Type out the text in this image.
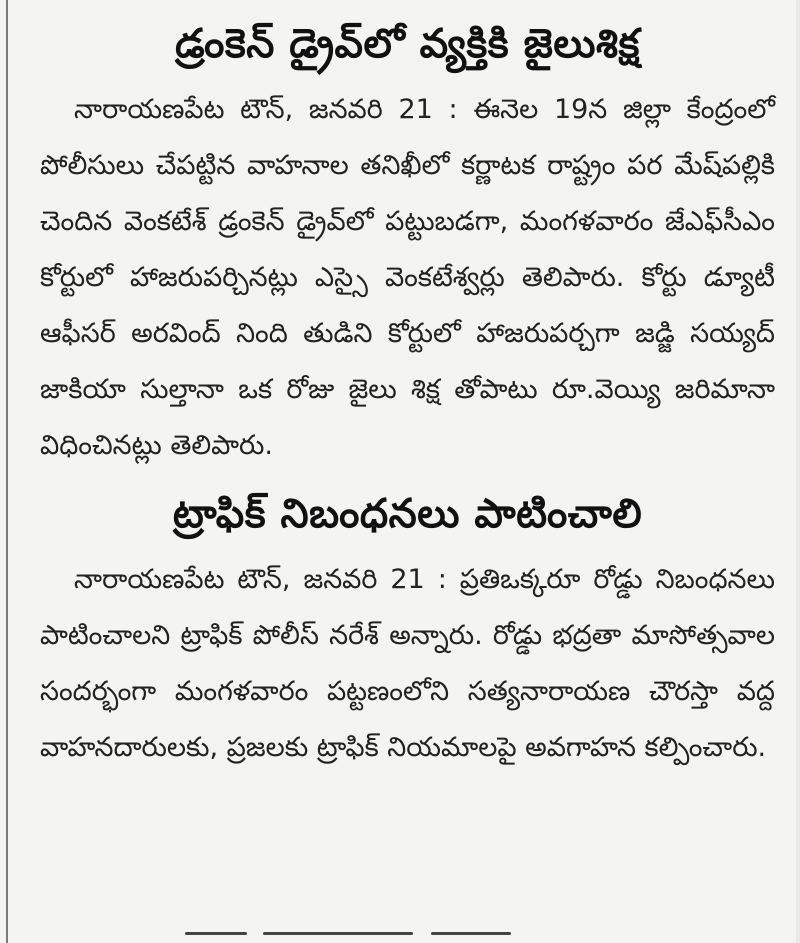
డ్రంకెన్ డ్రైవ్‌లో వ్యక్తికి జైలుశిక్ష

నారాయణపేట టౌన్, జనవరి 21 : ఈనెల 19న జిల్లా కేంద్రంలో పోలీసులు చేపట్టిన వాహనాల తనిఖీలో కర్ణాటక రాష్ట్రం పర మేష్‌పల్లికి చెందిన వెంకటేశ్ డ్రంకెన్ డ్రైవ్‌లో పట్టుబడగా, మంగళవారం జేఎఫ్‌సీఎం కోర్టులో హాజరుపర్చినట్లు ఎస్సై వెంకటేశ్వర్లు తెలిపారు. కోర్టు డ్యూటీ ఆఫీసర్ అరవింద్ నింది తుడిని కోర్టులో హాజరుపర్చగా జడ్జి సయ్యద్ జాకియా సుల్తానా ఒక రోజు జైలు శిక్ష తోపాటు రూ.వెయ్యి జరిమానా విధించినట్లు తెలిపారు.

ట్రాఫిక్ నిబంధనలు పాటించాలి

నారాయణపేట టౌన్, జనవరి 21 : ప్రతిఒక్కరూ రోడ్డు నిబంధనలు పాటించాలని ట్రాఫిక్ పోలీస్ నరేశ్ అన్నారు. రోడ్డు భద్రతా మాసోత్సవాల సందర్భంగా మంగళవారం పట్టణంలోని సత్యనారాయణ చౌరస్తా వద్ద వాహనదారులకు, ప్రజలకు ట్రాఫిక్ నియమాలపై అవగాహన కల్పించారు.
